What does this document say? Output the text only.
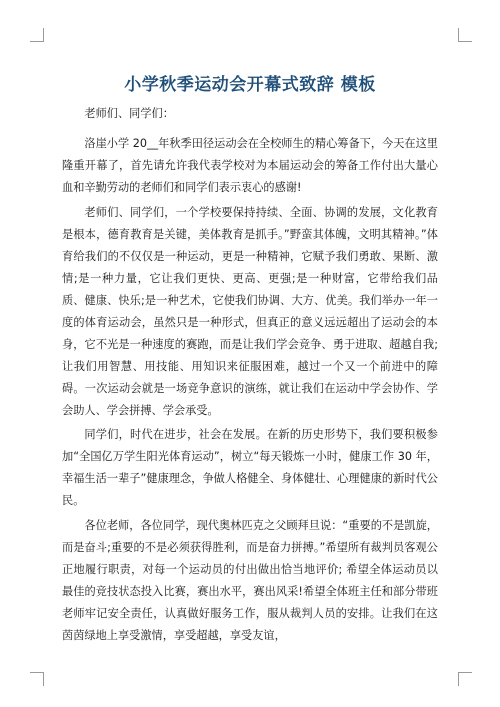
小学秋季运动会开幕式致辞 模板

老师们、同学们：

洛崖小学 20__年秋季田径运动会在全校师生的精心筹备下，今天在这里隆重开幕了，首先请允许我代表学校对为本届运动会的筹备工作付出大量心血和辛勤劳动的老师们和同学们表示衷心的感谢!

老师们、同学们，一个学校要保持持续、全面、协调的发展，文化教育是根本，德育教育是关键，美体教育是抓手。”野蛮其体魄，文明其精神。”体育给我们的不仅仅是一种运动，更是一种精神，它赋予我们勇敢、果断、激情;是一种力量，它让我们更快、更高、更强;是一种财富，它带给我们品质、健康、快乐;是一种艺术，它使我们协调、大方、优美。我们举办一年一度的体育运动会，虽然只是一种形式，但真正的意义远远超出了运动会的本身，它不光是一种速度的赛跑，而是让我们学会竞争、勇于进取、超越自我;让我们用智慧、用技能、用知识来征服困难，越过一个又一个前进中的障碍。一次运动会就是一场竞争意识的演练，就让我们在运动中学会协作、学会助人、学会拼搏、学会承受。

同学们，时代在进步，社会在发展。在新的历史形势下，我们要积极参加“全国亿万学生阳光体育运动”，树立“每天锻炼一小时，健康工作 30 年，幸福生活一辈子”健康理念，争做人格健全、身体健壮、心理健康的新时代公民。

各位老师，各位同学，现代奥林匹克之父顾拜旦说：“重要的不是凯旋，而是奋斗;重要的不是必须获得胜利，而是奋力拼搏。”希望所有裁判员客观公正地履行职责，对每一个运动员的付出做出恰当地评价; 希望全体运动员以最佳的竞技状态投入比赛，赛出水平，赛出风采!希望全体班主任和部分带班老师牢记安全责任，认真做好服务工作，服从裁判人员的安排。让我们在这茵茵绿地上享受激情，享受超越，享受友谊，
